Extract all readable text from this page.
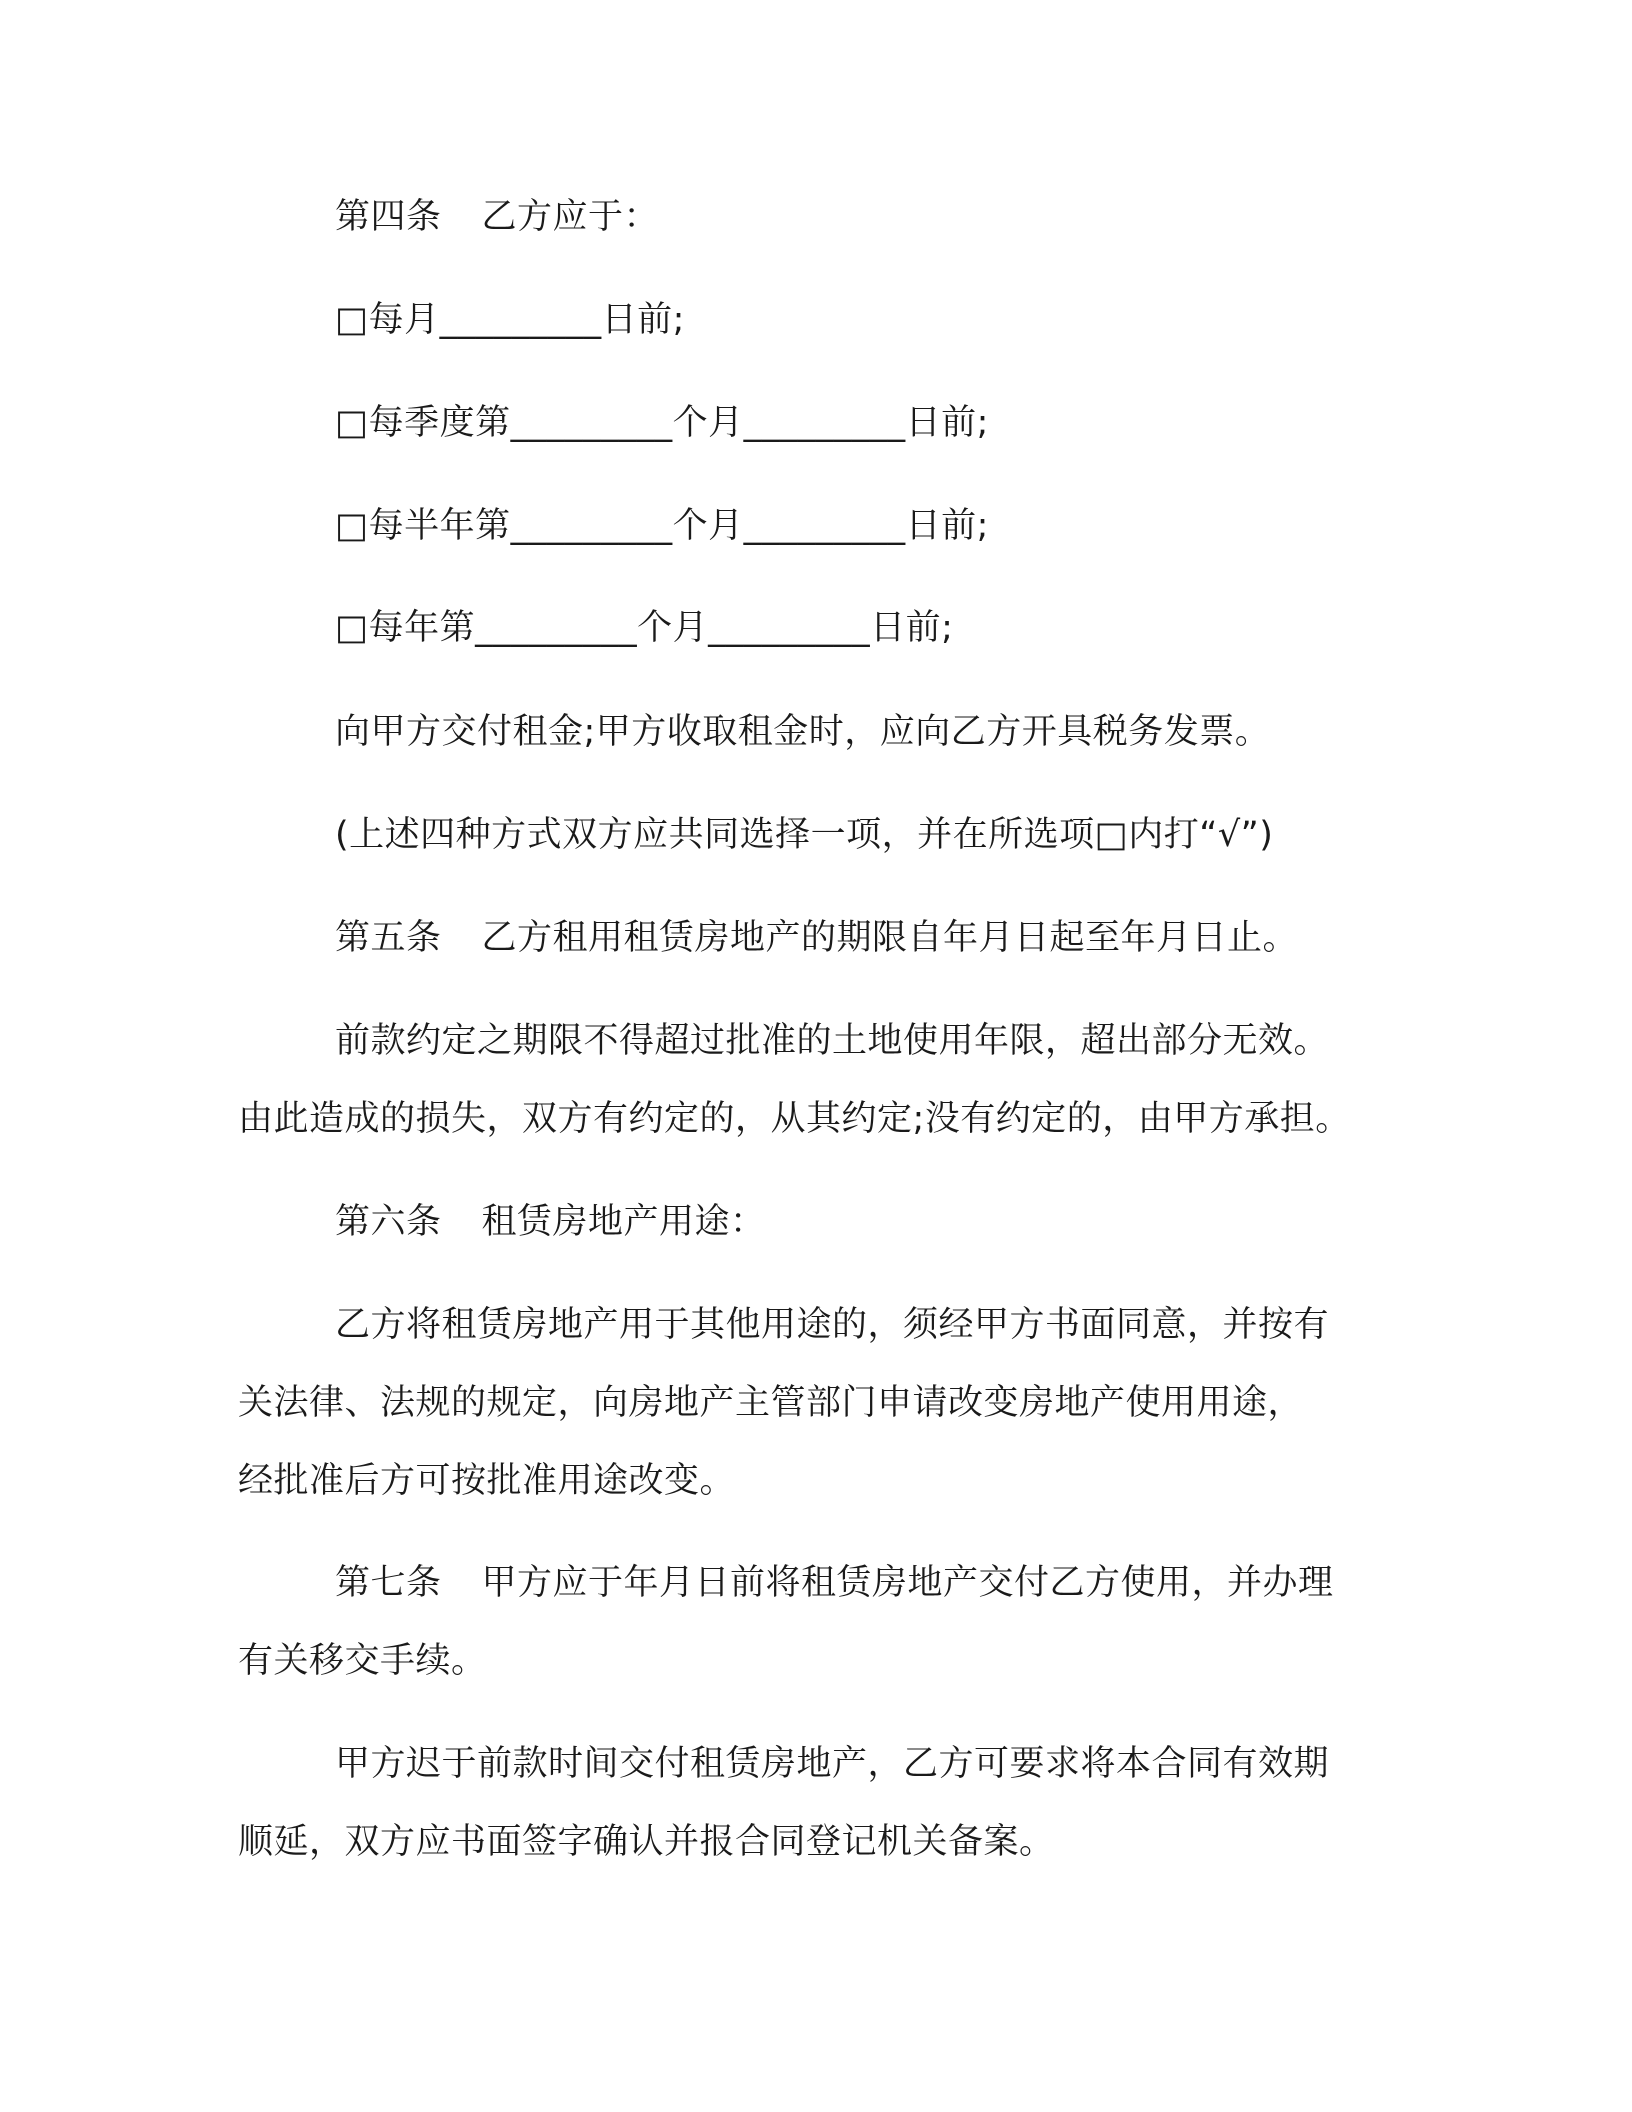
第四条 乙方应于：
□每月_________日前;
□每季度第_________个月_________日前;
□每半年第_________个月_________日前;
□每年第_________个月_________日前;
向甲方交付租金;甲方收取租金时，应向乙方开具税务发票。
(上述四种方式双方应共同选择一项，并在所选项□内打“√”)
第五条 乙方租用租赁房地产的期限自年月日起至年月日止。
前款约定之期限不得超过批准的土地使用年限，超出部分无效。
由此造成的损失，双方有约定的，从其约定;没有约定的，由甲方承担。
第六条 租赁房地产用途：
乙方将租赁房地产用于其他用途的，须经甲方书面同意，并按有
关法律、法规的规定，向房地产主管部门申请改变房地产使用用途，
经批准后方可按批准用途改变。
第七条 甲方应于年月日前将租赁房地产交付乙方使用，并办理
有关移交手续。
甲方迟于前款时间交付租赁房地产，乙方可要求将本合同有效期
顺延，双方应书面签字确认并报合同登记机关备案。
